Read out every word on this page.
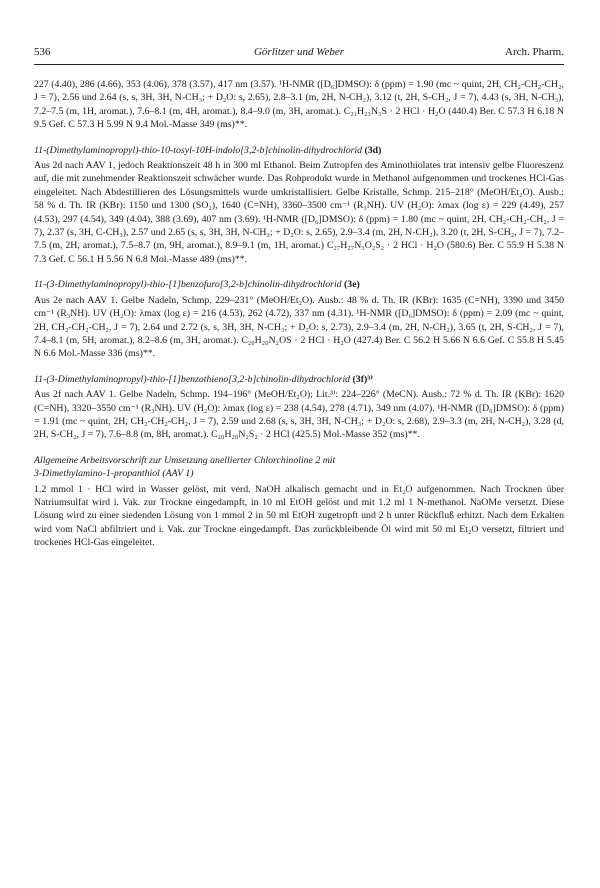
536	Görlitzer und Weber	Arch. Pharm.

227 (4.40), 286 (4.66), 353 (4.06), 378 (3.57), 417 nm (3.57). ¹H-NMR ([D₆]DMSO): δ (ppm) = 1.90 (mc ~ quint, 2H, CH₂-CH₂-CH₂, J = 7), 2.56 und 2.64 (s, s, 3H, 3H, N-CH₃; + D₂O: s, 2.65), 2.8–3.1 (m, 2H, N-CH₂), 3.12 (t, 2H, S-CH₂, J = 7), 4.43 (s, 3H, N-CH₃), 7.2–7.5 (m, 1H, aromat.), 7.6–8.1 (m, 4H, aromat.), 8.4–9.0 (m, 3H, aromat.). C₂₁H₂₃N₃S · 2 HCl · H₂O (440.4) Ber. C 57.3 H 6.18 N 9.5 Gef. C 57.3 H 5.99 N 9.4 Mol.-Masse 349 (ms)**.

11-(Dimethylaminopropyl)-thio-10-tosyl-10H-indolo[3,2-b]chinolin-dihydrochlorid (3d)

Aus 2d nach AAV 1, jedoch Reaktionszeit 48 h in 300 ml Ethanol. Beim Zutropfen des Aminothiolates trat intensiv gelbe Fluoreszenz auf, die mit zunehmender Reaktionszeit schwächer wurde. Das Rohprodukt wurde in Methanol aufgenommen und trockenes HCl-Gas eingeleitet. Nach Abdestillieren des Lösungsmittels wurde umkristallisiert. Gelbe Kristalle, Schmp. 215–218° (MeOH/Et₂O). Ausb.: 58 % d. Th. IR (KBr): 1150 und 1300 (SO₂), 1640 (C=NH), 3360–3500 cm⁻¹ (R₃NH). UV (H₂O): λmax (log ε) = 229 (4.49), 257 (4.53), 297 (4.54), 349 (4.04), 388 (3.69), 407 nm (3.69). ¹H-NMR ([D₆]DMSO): δ (ppm) = 1.80 (mc ~ quint, 2H, CH₂-CH₂-CH₂, J = 7), 2.37 (s, 3H, C-CH₃), 2.57 und 2.65 (s, s, 3H, 3H, N-CH₃; + D₂O: s, 2.65), 2.9–3.4 (m, 2H, N-CH₂), 3.20 (t, 2H, S-CH₂, J = 7), 7.2–7.5 (m, 2H, aromat.), 7.5–8.7 (m, 9H, aromat.), 8.9–9.1 (m, 1H, aromat.) C₂₇H₂₇N₃O₂S₂ · 2 HCl · H₂O (580.6) Ber. C 55.9 H 5.38 N 7.3 Gef. C 56.1 H 5.56 N 6.8 Mol.-Masse 489 (ms)**.

11-(3-Dimethylaminopropyl)-thio-[1]benzofuro[3,2-b]chinolin-dihydrochlorid (3e)

Aus 2e nach AAV 1. Gelbe Nadeln, Schmp. 229–231° (MeOH/Et₂O). Ausb.: 48 % d. Th. IR (KBr): 1635 (C=NH), 3390 und 3450 cm⁻¹ (R₃NH). UV (H₂O): λmax (log ε) = 216 (4.53), 262 (4.72), 337 nm (4.31). ¹H-NMR ([D₆]DMSO): δ (ppm) = 2.09 (mc ~ quint, 2H, CH₂-CH₂-CH₂, J = 7), 2.64 und 2.72 (s, s, 3H, 3H, N-CH₃; + D₂O: s, 2.73), 2.9–3.4 (m, 2H, N-CH₂), 3.65 (t, 2H, S-CH₂, J = 7), 7.4–8.1 (m, 5H, aromat.), 8.2–8.6 (m, 3H, aromat.). C₂₀H₂₀N₂OS · 2 HCl · H₂O (427.4) Ber. C 56.2 H 5.66 N 6.6 Gef. C 55.8 H 5.45 N 6.6 Mol.-Masse 336 (ms)**.

11-(3-Dimethylaminopropyl)-thio-[1]benzothieno[3,2-b]chinolin-dihydrochlorid (3f)³⁾

Aus 2f nach AAV 1. Gelbe Nadeln, Schmp. 194–196° (MeOH/Et₂O); Lit.³⁾: 224–226° (MeCN). Ausb.: 72 % d. Th. IR (KBr): 1620 (C=NH), 3320–3550 cm⁻¹ (R₃NH). UV (H₂O): λmax (log ε) = 238 (4.54), 278 (4.71), 349 nm (4.07). ¹H-NMR ([D₆]DMSO): δ (ppm) = 1.91 (mc ~ quint, 2H, CH₂-CH₂-CH₂, J = 7), 2.59 und 2.68 (s, s, 3H, 3H, N-CH₃; + D₂O: s, 2.68), 2.9–3.3 (m, 2H, N-CH₂), 3.28 (d, 2H, S-CH₂, J = 7), 7.6–8.8 (m, 8H, aromat.). C₂₀H₂₀N₂S₂ · 2 HCl (425.5) Mol.-Masse 352 (ms)**.

Allgemeine Arbeitsvorschrift zur Umsetzung anellierter Chlorchinoline 2 mit
3-Dimethylamino-1-propanthiol (AAV 1)

1.2 mmol 1 · HCl wird in Wasser gelöst, mit verd. NaOH alkalisch gemacht und in Et₂O aufgenommen. Nach Trocknen über Natriumsulfat wird i. Vak. zur Trockne eingedampft, in 10 ml EtOH gelöst und mit 1.2 ml 1 N-methanol. NaOMe versetzt. Diese Lösung wird zu einer siedenden Lösung von 1 mmol 2 in 50 ml EtOH zugetropft und 2 h unter Rückfluß erhitzt. Nach dem Erkalten wird vom NaCl abfiltriert und i. Vak. zur Trockne eingedampft. Das zurückbleibende Öl wird mit 50 ml Et₂O versetzt, filtriert und trockenes HCl-Gas eingeleitet.
